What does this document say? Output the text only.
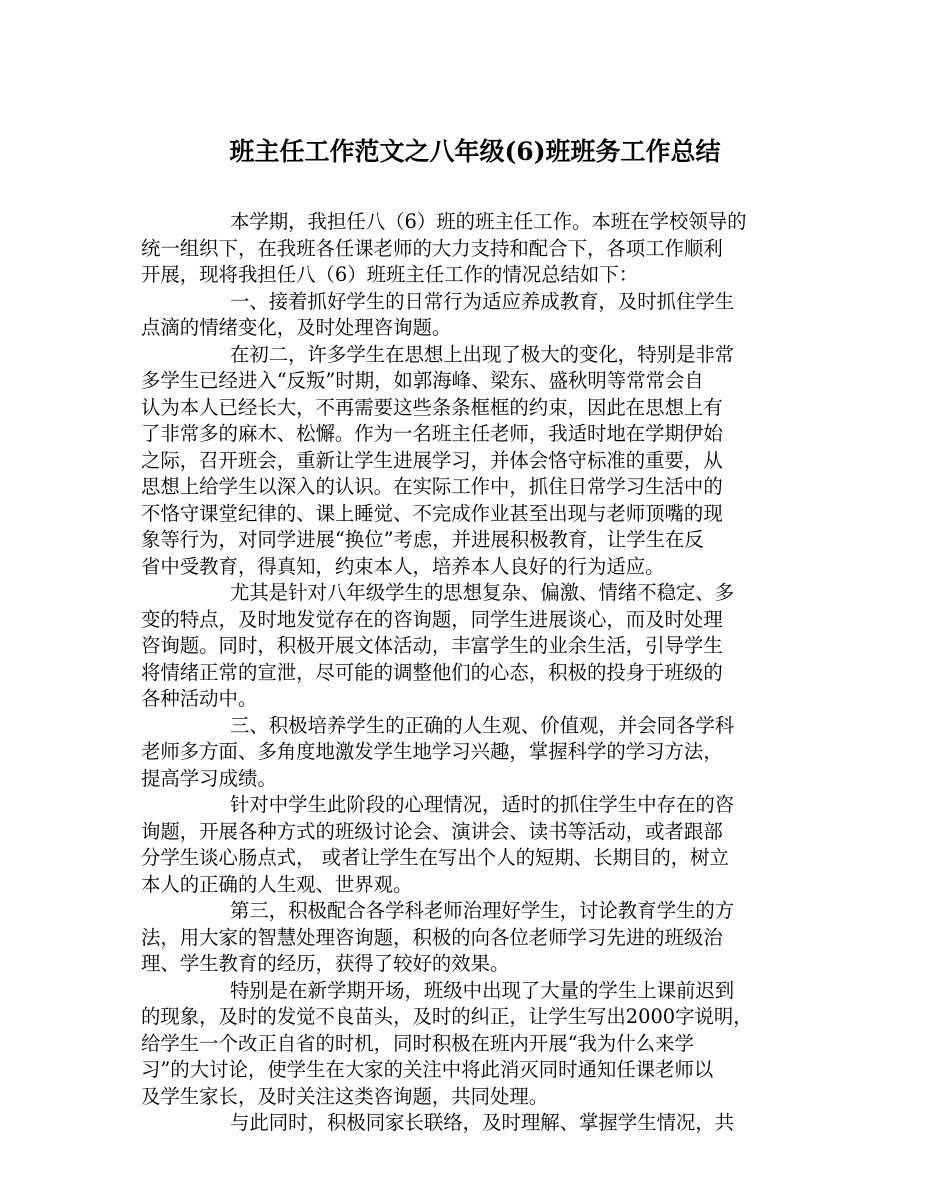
班主任工作范文之八年级(6)班班务工作总结
本学期，我担任八（6）班的班主任工作。本班在学校领导的
统一组织下，在我班各任课老师的大力支持和配合下，各项工作顺利
开展，现将我担任八（6）班班主任工作的情况总结如下：
一、接着抓好学生的日常行为适应养成教育，及时抓住学生
点滴的情绪变化，及时处理咨询题。
在初二，许多学生在思想上出现了极大的变化，特别是非常
多学生已经进入“反叛”时期，如郭海峰、梁东、盛秋明等常常会自
认为本人已经长大，不再需要这些条条框框的约束，因此在思想上有
了非常多的麻木、松懈。作为一名班主任老师，我适时地在学期伊始
之际，召开班会，重新让学生进展学习，并体会恪守标准的重要，从
思想上给学生以深入的认识。在实际工作中，抓住日常学习生活中的
不恪守课堂纪律的、课上睡觉、不完成作业甚至出现与老师顶嘴的现
象等行为，对同学进展“换位”考虑，并进展积极教育，让学生在反
省中受教育，得真知，约束本人，培养本人良好的行为适应。
尤其是针对八年级学生的思想复杂、偏激、情绪不稳定、多
变的特点，及时地发觉存在的咨询题，同学生进展谈心，而及时处理
咨询题。同时，积极开展文体活动，丰富学生的业余生活，引导学生
将情绪正常的宣泄，尽可能的调整他们的心态，积极的投身于班级的
各种活动中。
三、积极培养学生的正确的人生观、价值观，并会同各学科
老师多方面、多角度地激发学生地学习兴趣，掌握科学的学习方法，
提高学习成绩。
针对中学生此阶段的心理情况，适时的抓住学生中存在的咨
询题，开展各种方式的班级讨论会、演讲会、读书等活动，或者跟部
分学生谈心肠点式， 或者让学生在写出个人的短期、长期目的，树立
本人的正确的人生观、世界观。
第三，积极配合各学科老师治理好学生，讨论教育学生的方
法，用大家的智慧处理咨询题，积极的向各位老师学习先进的班级治
理、学生教育的经历，获得了较好的效果。
特别是在新学期开场，班级中出现了大量的学生上课前迟到
的现象，及时的发觉不良苗头，及时的纠正，让学生写出2000字说明，
给学生一个改正自省的时机，同时积极在班内开展“我为什么来学
习”的大讨论，使学生在大家的关注中将此消灭同时通知任课老师以
及学生家长，及时关注这类咨询题，共同处理。
与此同时，积极同家长联络，及时理解、掌握学生情况，共
